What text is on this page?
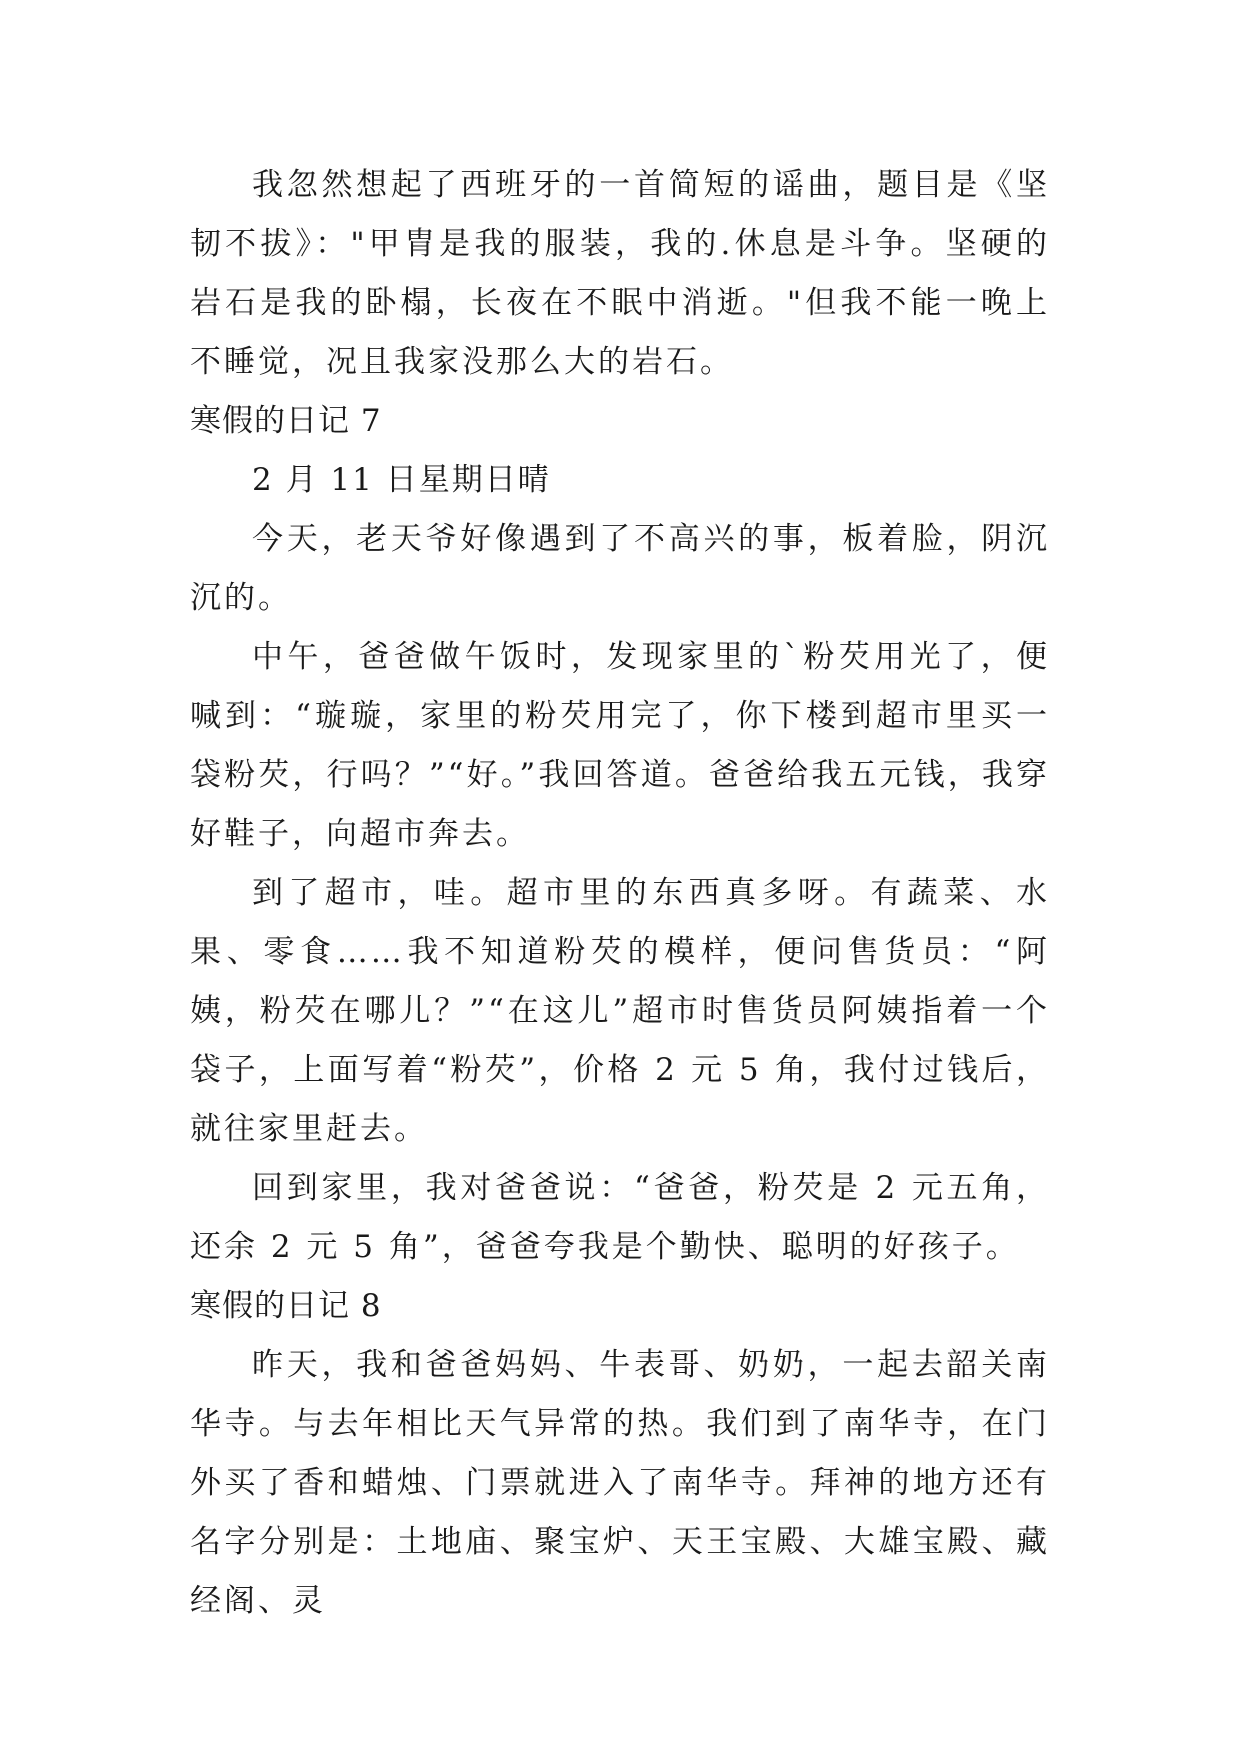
我忽然想起了西班牙的一首简短的谣曲，题目是《坚韧不拔》："甲胄是我的服装，我的.休息是斗争。坚硬的岩石是我的卧榻，长夜在不眠中消逝。"但我不能一晚上不睡觉，况且我家没那么大的岩石。

寒假的日记 7

2 月 11 日星期日晴

今天，老天爷好像遇到了不高兴的事，板着脸，阴沉沉的。

中午，爸爸做午饭时，发现家里的`粉芡用光了，便喊到：“璇璇，家里的粉芡用完了，你下楼到超市里买一袋粉芡，行吗？”“好。”我回答道。爸爸给我五元钱，我穿好鞋子，向超市奔去。

到了超市，哇。超市里的东西真多呀。有蔬菜、水果、零食……我不知道粉芡的模样，便问售货员：“阿姨，粉芡在哪儿？”“在这儿”超市时售货员阿姨指着一个袋子，上面写着“粉芡”，价格 2 元 5 角，我付过钱后，就往家里赶去。

回到家里，我对爸爸说：“爸爸，粉芡是 2 元五角，还余 2 元 5 角”，爸爸夸我是个勤快、聪明的好孩子。

寒假的日记 8

昨天，我和爸爸妈妈、牛表哥、奶奶，一起去韶关南华寺。与去年相比天气异常的热。我们到了南华寺，在门外买了香和蜡烛、门票就进入了南华寺。拜神的地方还有名字分别是：土地庙、聚宝炉、天王宝殿、大雄宝殿、藏经阁、灵
